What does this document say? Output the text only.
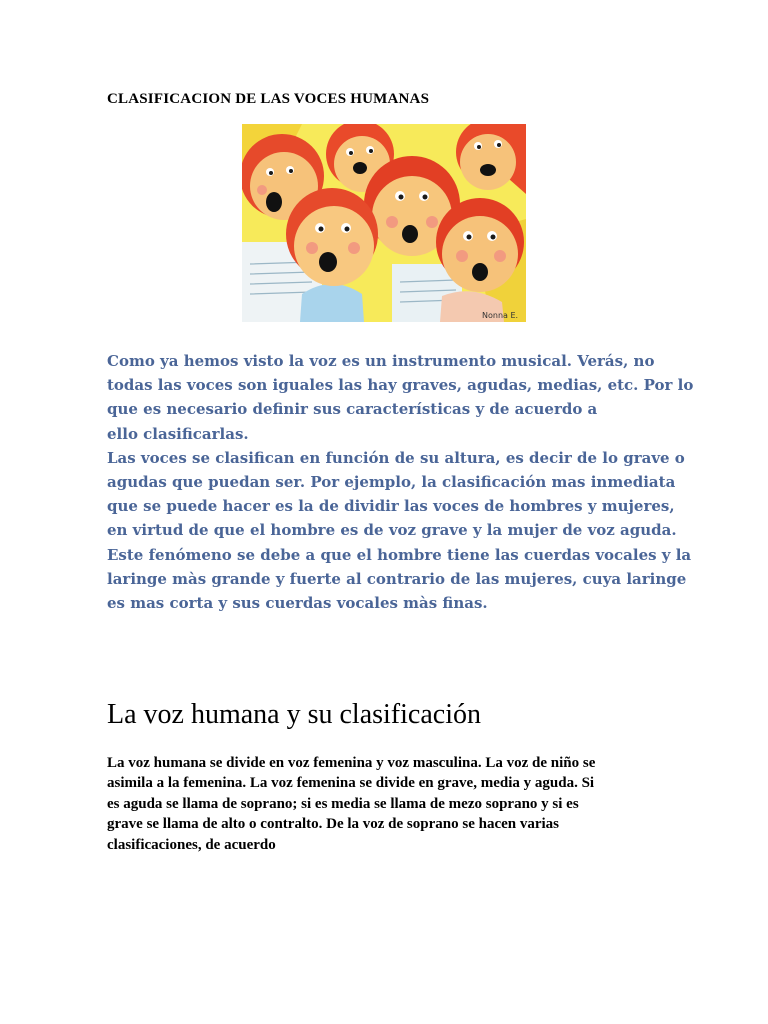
CLASIFICACION DE LAS VOCES HUMANAS
Nonna E.
Como ya hemos visto la voz es un instrumento musical. Verás, no
todas las voces son iguales las hay graves, agudas, medias, etc. Por lo
que es necesario definir sus características y de acuerdo a
ello clasificarlas.
Las voces se clasifican en función de su altura, es decir de lo grave o
agudas que puedan ser. Por ejemplo, la clasificación mas inmediata
que se puede hacer es la de dividir las voces de hombres y mujeres,
en virtud de que el hombre es de voz grave y la mujer de voz aguda.
Este fenómeno se debe a que el hombre tiene las cuerdas vocales y la
laringe màs grande y fuerte al contrario de las mujeres, cuya laringe
es mas corta y sus cuerdas vocales màs finas.
La voz humana y su clasificación
La voz humana se divide en voz femenina y voz masculina. La voz de niño se
asimila a la femenina. La voz femenina se divide en grave, media y aguda. Si
es aguda se llama de soprano; si es media se llama de mezo soprano y si es
grave se llama de alto o contralto. De la voz de soprano se hacen varias
clasificaciones, de acuerdo
